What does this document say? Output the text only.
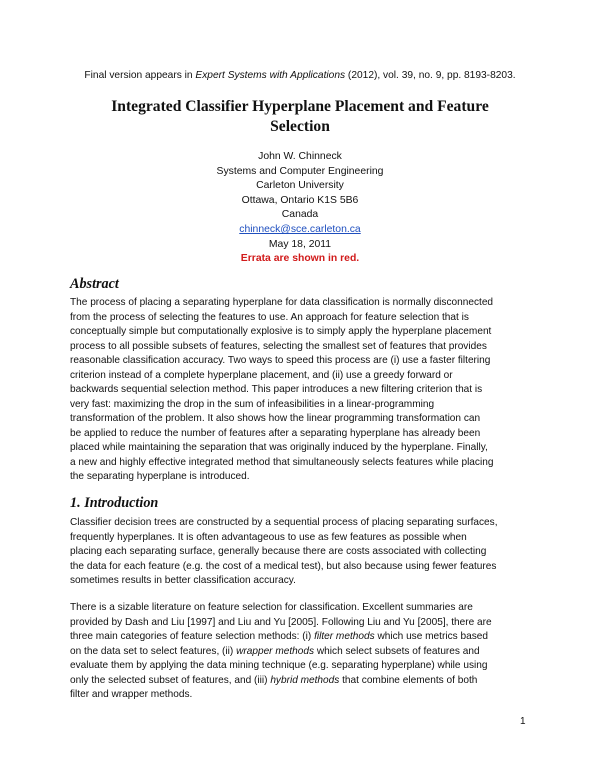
Final version appears in Expert Systems with Applications (2012), vol. 39, no. 9, pp. 8193-8203.
Integrated Classifier Hyperplane Placement and Feature
Selection
John W. Chinneck
Systems and Computer Engineering
Carleton University
Ottawa, Ontario K1S 5B6
Canada
chinneck@sce.carleton.ca
May 18, 2011
Errata are shown in red.
Abstract
The process of placing a separating hyperplane for data classification is normally disconnected
from the process of selecting the features to use. An approach for feature selection that is
conceptually simple but computationally explosive is to simply apply the hyperplane placement
process to all possible subsets of features, selecting the smallest set of features that provides
reasonable classification accuracy. Two ways to speed this process are (i) use a faster filtering
criterion instead of a complete hyperplane placement, and (ii) use a greedy forward or
backwards sequential selection method. This paper introduces a new filtering criterion that is
very fast: maximizing the drop in the sum of infeasibilities in a linear-programming
transformation of the problem. It also shows how the linear programming transformation can
be applied to reduce the number of features after a separating hyperplane has already been
placed while maintaining the separation that was originally induced by the hyperplane. Finally,
a new and highly effective integrated method that simultaneously selects features while placing
the separating hyperplane is introduced.
1. Introduction
Classifier decision trees are constructed by a sequential process of placing separating surfaces,
frequently hyperplanes. It is often advantageous to use as few features as possible when
placing each separating surface, generally because there are costs associated with collecting
the data for each feature (e.g. the cost of a medical test), but also because using fewer features
sometimes results in better classification accuracy.
There is a sizable literature on feature selection for classification. Excellent summaries are
provided by Dash and Liu [1997] and Liu and Yu [2005]. Following Liu and Yu [2005], there are
three main categories of feature selection methods: (i) filter methods which use metrics based
on the data set to select features, (ii) wrapper methods which select subsets of features and
evaluate them by applying the data mining technique (e.g. separating hyperplane) while using
only the selected subset of features, and (iii) hybrid methods that combine elements of both
filter and wrapper methods.
1
